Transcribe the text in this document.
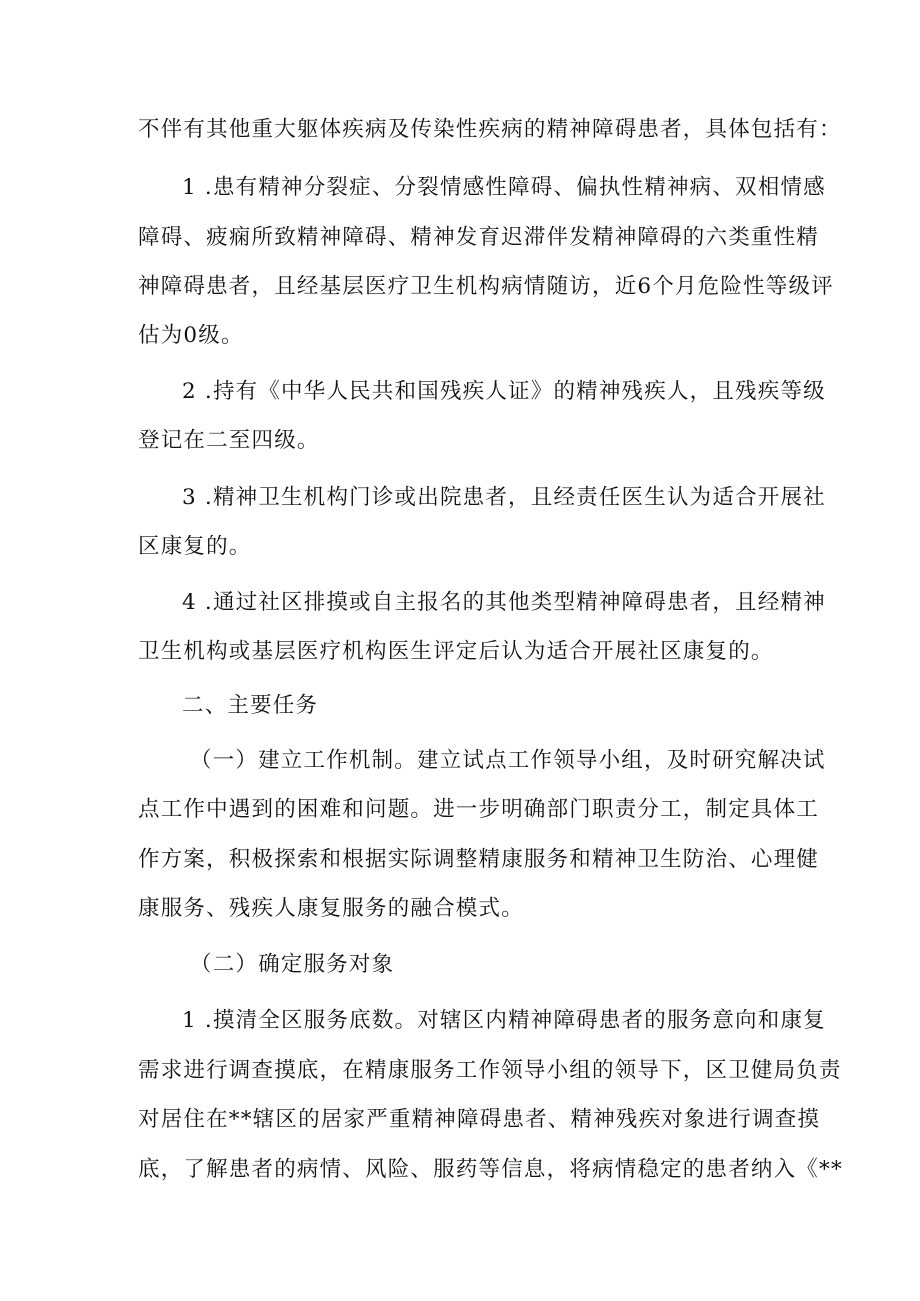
不伴有其他重大躯体疾病及传染性疾病的精神障碍患者，具体包括有：
1 .患有精神分裂症、分裂情感性障碍、偏执性精神病、双相情感
障碍、疲痫所致精神障碍、精神发育迟滞伴发精神障碍的六类重性精
神障碍患者，且经基层医疗卫生机构病情随访，近6个月危险性等级评
估为0级。
2 .持有《中华人民共和国残疾人证》的精神残疾人，且残疾等级
登记在二至四级。
3 .精神卫生机构门诊或出院患者，且经责任医生认为适合开展社
区康复的。
4 .通过社区排摸或自主报名的其他类型精神障碍患者，且经精神
卫生机构或基层医疗机构医生评定后认为适合开展社区康复的。
二、主要任务
（一）建立工作机制。建立试点工作领导小组，及时研究解决试
点工作中遇到的困难和问题。进一步明确部门职责分工，制定具体工
作方案，积极探索和根据实际调整精康服务和精神卫生防治、心理健
康服务、残疾人康复服务的融合模式。
（二）确定服务对象
1 .摸清全区服务底数。对辖区内精神障碍患者的服务意向和康复
需求进行调查摸底，在精康服务工作领导小组的领导下，区卫健局负责
对居住在**辖区的居家严重精神障碍患者、精神残疾对象进行调查摸
底，了解患者的病情、风险、服药等信息，将病情稳定的患者纳入《**
